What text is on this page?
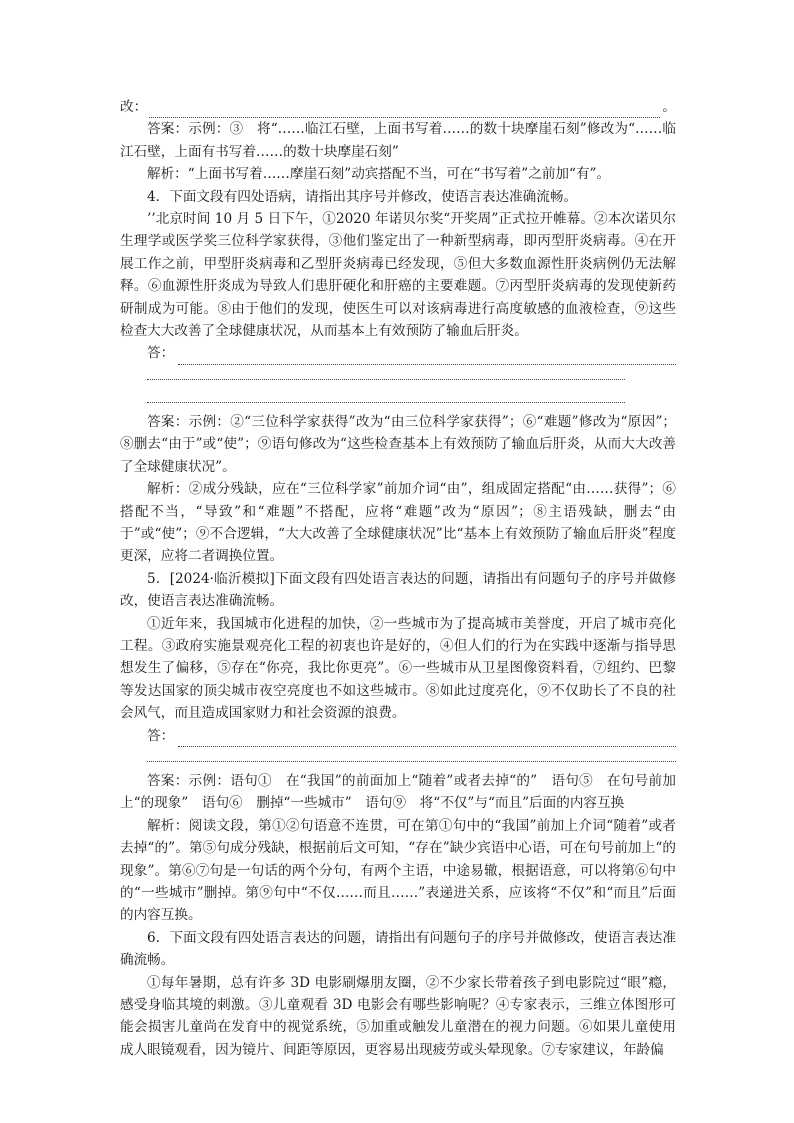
改：	。

答案：示例：③　将“……临江石壁，上面书写着……的数十块摩崖石刻”修改为“……临江石壁，上面有书写着……的数十块摩崖石刻”

解析：“上面书写着……摩崖石刻”动宾搭配不当，可在“书写着”之前加“有”。

4．下面文段有四处语病，请指出其序号并修改，使语言表达准确流畅。

’’北京时间 10 月 5 日下午，①2020 年诺贝尔奖“开奖周”正式拉开帷幕。②本次诺贝尔生理学或医学奖三位科学家获得，③他们鉴定出了一种新型病毒，即丙型肝炎病毒。④在开展工作之前，甲型肝炎病毒和乙型肝炎病毒已经发现，⑤但大多数血源性肝炎病例仍无法解释。⑥血源性肝炎成为导致人们患肝硬化和肝癌的主要难题。⑦丙型肝炎病毒的发现使新药研制成为可能。⑧由于他们的发现，使医生可以对该病毒进行高度敏感的血液检查，⑨这些检查大大改善了全球健康状况，从而基本上有效预防了输血后肝炎。

答：

答案：示例：②“三位科学家获得”改为“由三位科学家获得”；⑥“难题”修改为“原因”；⑧删去“由于”或“使”；⑨语句修改为“这些检查基本上有效预防了输血后肝炎，从而大大改善了全球健康状况”。

解析：②成分残缺，应在“三位科学家”前加介词“由”，组成固定搭配“由……获得”；⑥搭配不当，“导致”和“难题”不搭配，应将“难题”改为“原因”；⑧主语残缺，删去“由于”或“使”；⑨不合逻辑，“大大改善了全球健康状况”比“基本上有效预防了输血后肝炎”程度更深，应将二者调换位置。

5．[2024·临沂模拟]下面文段有四处语言表达的问题，请指出有问题句子的序号并做修改，使语言表达准确流畅。

①近年来，我国城市化进程的加快，②一些城市为了提高城市美誉度，开启了城市亮化工程。③政府实施景观亮化工程的初衷也许是好的，④但人们的行为在实践中逐渐与指导思想发生了偏移，⑤存在“你亮，我比你更亮”。⑥一些城市从卫星图像资料看，⑦纽约、巴黎等发达国家的顶尖城市夜空亮度也不如这些城市。⑧如此过度亮化，⑨不仅助长了不良的社会风气，而且造成国家财力和社会资源的浪费。

答：

答案：示例：语句①　在“我国”的前面加上“随着”或者去掉“的”　语句⑤　在句号前加上“的现象”　语句⑥　删掉“一些城市”　语句⑨　将“不仅”与“而且”后面的内容互换

解析：阅读文段，第①②句语意不连贯，可在第①句中的“我国”前加上介词“随着”或者去掉“的”。第⑤句成分残缺，根据前后文可知，“存在”缺少宾语中心语，可在句号前加上“的现象”。第⑥⑦句是一句话的两个分句，有两个主语，中途易辙，根据语意，可以将第⑥句中的“一些城市”删掉。第⑨句中“不仅……而且……”表递进关系，应该将“不仅”和“而且”后面的内容互换。

6．下面文段有四处语言表达的问题，请指出有问题句子的序号并做修改，使语言表达准确流畅。

①每年暑期，总有许多 3D 电影刷爆朋友圈，②不少家长带着孩子到电影院过“眼”瘾，感受身临其境的刺激。③儿童观看 3D 电影会有哪些影响呢？④专家表示，三维立体图形可能会损害儿童尚在发育中的视觉系统，⑤加重或触发儿童潜在的视力问题。⑥如果儿童使用成人眼镜观看，因为镜片、间距等原因，更容易出现疲劳或头晕现象。⑦专家建议，年龄偏
